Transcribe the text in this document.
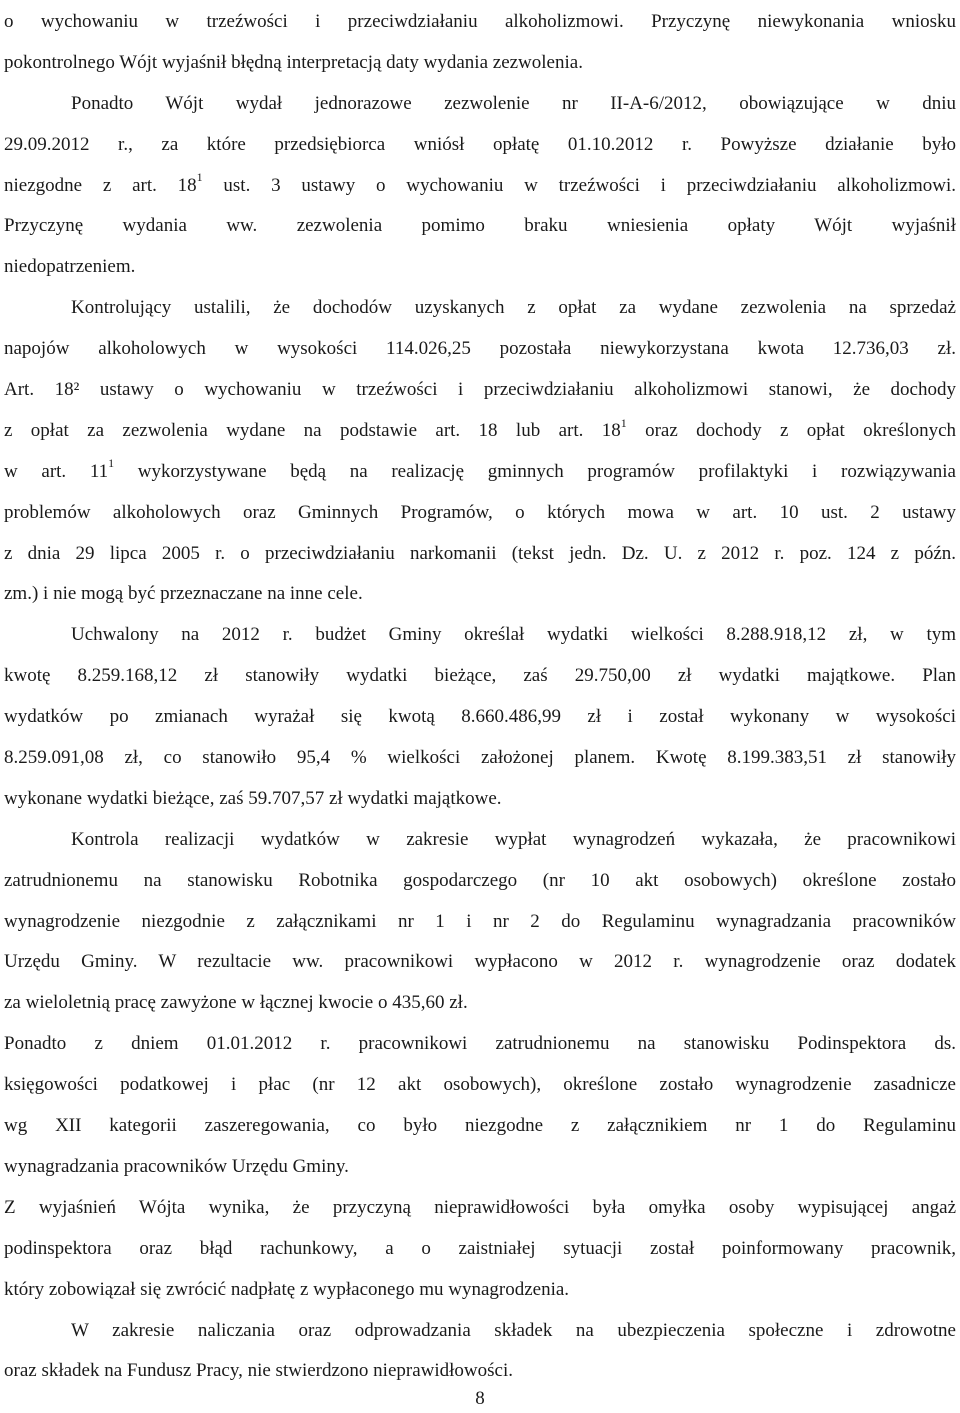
o wychowaniu w trzeźwości i przeciwdziałaniu alkoholizmowi. Przyczynę niewykonania wniosku
pokontrolnego Wójt wyjaśnił błędną interpretacją daty wydania zezwolenia.
Ponadto Wójt wydał jednorazowe zezwolenie nr II-A-6/2012, obowiązujące w dniu
29.09.2012 r., za które przedsiębiorca wniósł opłatę 01.10.2012 r. Powyższe działanie było
niezgodne z art. $18^1$ ust. 3 ustawy o wychowaniu w trzeźwości i przeciwdziałaniu alkoholizmowi.
Przyczynę wydania ww. zezwolenia pomimo braku wniesienia opłaty Wójt wyjaśnił
niedopatrzeniem.
Kontrolujący ustalili, że dochodów uzyskanych z opłat za wydane zezwolenia na sprzedaż
napojów alkoholowych w wysokości 114.026,25 pozostała niewykorzystana kwota 12.736,03 zł.
Art. 18² ustawy o wychowaniu w trzeźwości i przeciwdziałaniu alkoholizmowi stanowi, że dochody
z opłat za zezwolenia wydane na podstawie art. 18 lub art. $18^1$ oraz dochody z opłat określonych
w art. $11^1$ wykorzystywane będą na realizację gminnych programów profilaktyki i rozwiązywania
problemów alkoholowych oraz Gminnych Programów, o których mowa w art. 10 ust. 2 ustawy
z dnia 29 lipca 2005 r. o przeciwdziałaniu narkomanii (tekst jedn. Dz. U. z 2012 r. poz. 124 z późn.
zm.) i nie mogą być przeznaczane na inne cele.
Uchwalony na 2012 r. budżet Gminy określał wydatki wielkości 8.288.918,12 zł, w tym
kwotę 8.259.168,12 zł stanowiły wydatki bieżące, zaś 29.750,00 zł wydatki majątkowe. Plan
wydatków po zmianach wyrażał się kwotą 8.660.486,99 zł i został wykonany w wysokości
8.259.091,08 zł, co stanowiło 95,4 % wielkości założonej planem. Kwotę 8.199.383,51 zł stanowiły
wykonane wydatki bieżące, zaś 59.707,57 zł wydatki majątkowe.
Kontrola realizacji wydatków w zakresie wypłat wynagrodzeń wykazała, że pracownikowi
zatrudnionemu na stanowisku Robotnika gospodarczego (nr 10 akt osobowych) określone zostało
wynagrodzenie niezgodnie z załącznikami nr 1 i nr 2 do Regulaminu wynagradzania pracowników
Urzędu Gminy. W rezultacie ww. pracownikowi wypłacono w 2012 r. wynagrodzenie oraz dodatek
za wieloletnią pracę zawyżone w łącznej kwocie o 435,60 zł.
Ponadto z dniem 01.01.2012 r. pracownikowi zatrudnionemu na stanowisku Podinspektora ds.
księgowości podatkowej i płac (nr 12 akt osobowych), określone zostało wynagrodzenie zasadnicze
wg XII kategorii zaszeregowania, co było niezgodne z załącznikiem nr 1 do Regulaminu
wynagradzania pracowników Urzędu Gminy.
Z wyjaśnień Wójta wynika, że przyczyną nieprawidłowości była omyłka osoby wypisującej angaż
podinspektora oraz błąd rachunkowy, a o zaistniałej sytuacji został poinformowany pracownik,
który zobowiązał się zwrócić nadpłatę z wypłaconego mu wynagrodzenia.
W zakresie naliczania oraz odprowadzania składek na ubezpieczenia społeczne i zdrowotne
oraz składek na Fundusz Pracy, nie stwierdzono nieprawidłowości.
8
